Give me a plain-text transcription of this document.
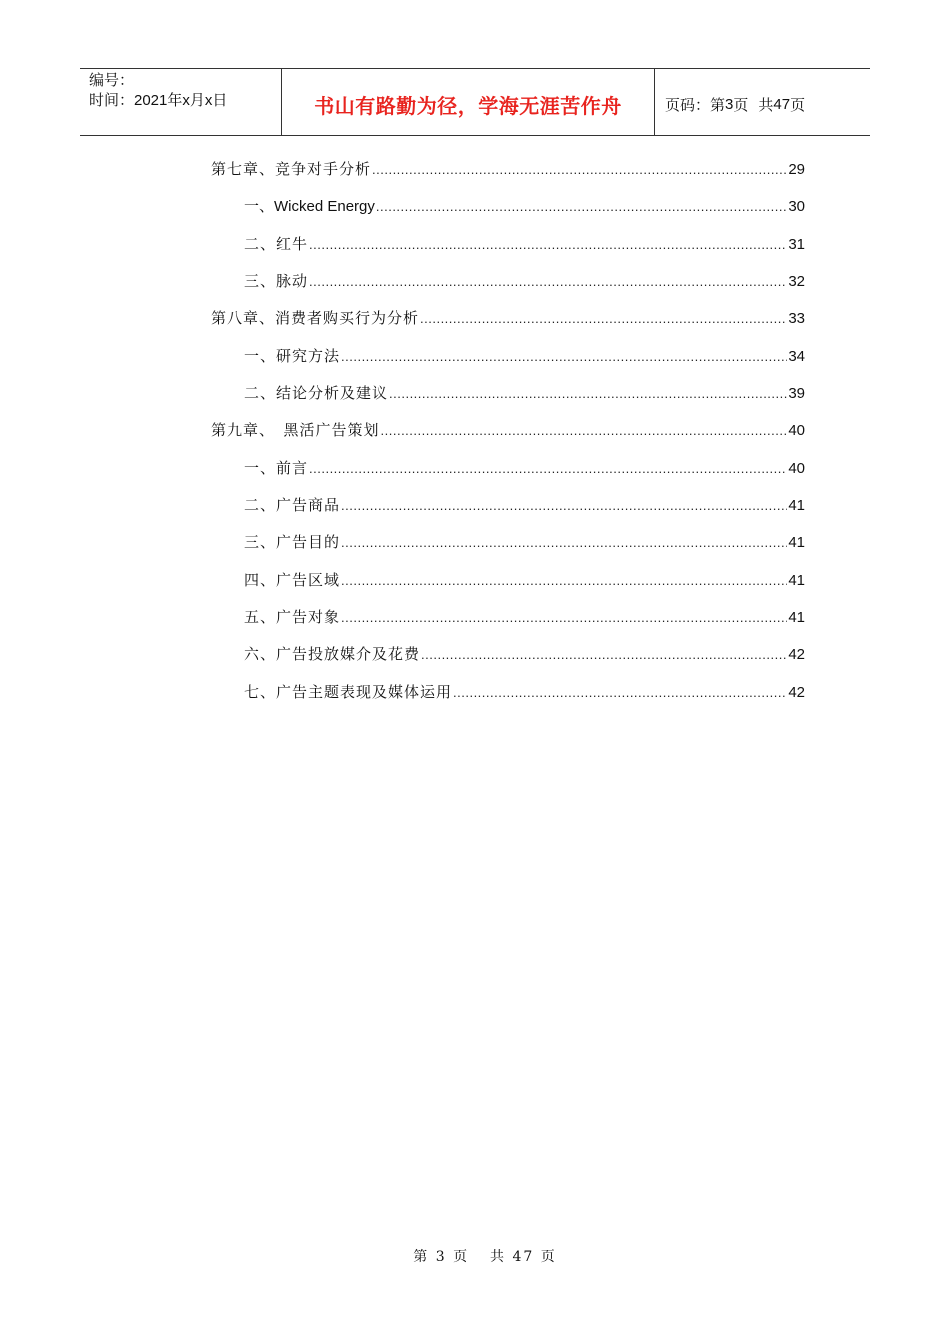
编号：
时间：2021年x月x日	书山有路勤为径，学海无涯苦作舟	页码：第 3 页 共 47 页
第七章、竞争对手分析 .....	29
一、Wicked Energy .....	30
二、红牛 .....	31
三、脉动 .....	32
第八章、消费者购买行为分析 .....	33
一、研究方法 .....	34
二、结论分析及建议 .....	39
第九章、　黑活广告策划 .....	40
一、前言 .....	40
二、广告商品 .....	41
三、广告目的 .....	41
四、广告区域 .....	41
五、广告对象 .....	41
六、广告投放媒介及花费 .....	42
七、广告主题表现及媒体运用 .....	42
第 3 页 共 47 页
